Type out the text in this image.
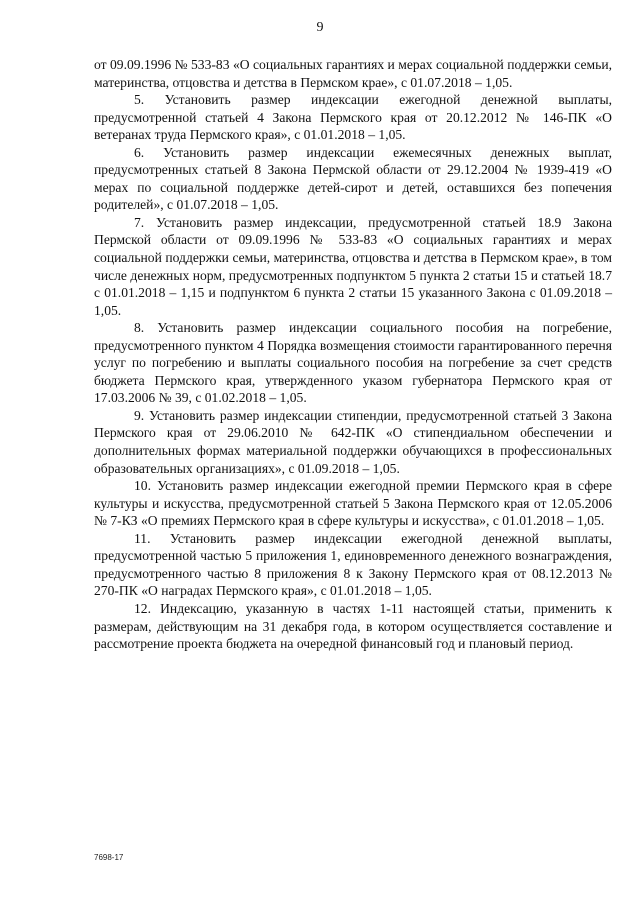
9

от 09.09.1996 № 533-83 «О социальных гарантиях и мерах социальной поддержки семьи, материнства, отцовства и детства в Пермском крае», с 01.07.2018 – 1,05.

5. Установить размер индексации ежегодной денежной выплаты, предусмотренной статьей 4 Закона Пермского края от 20.12.2012 № 146-ПК «О ветеранах труда Пермского края», с 01.01.2018 – 1,05.

6. Установить размер индексации ежемесячных денежных выплат, предусмотренных статьей 8 Закона Пермской области от 29.12.2004 № 1939-419 «О мерах по социальной поддержке детей-сирот и детей, оставшихся без попечения родителей», с 01.07.2018 – 1,05.

7. Установить размер индексации, предусмотренной статьей 18.9 Закона Пермской области от 09.09.1996 № 533-83 «О социальных гарантиях и мерах социальной поддержки семьи, материнства, отцовства и детства в Пермском крае», в том числе денежных норм, предусмотренных подпунктом 5 пункта 2 статьи 15 и статьей 18.7 с 01.01.2018 – 1,15 и подпунктом 6 пункта 2 статьи 15 указанного Закона с 01.09.2018 – 1,05.

8. Установить размер индексации социального пособия на погребение, предусмотренного пунктом 4 Порядка возмещения стоимости гарантированного перечня услуг по погребению и выплаты социального пособия на погребение за счет средств бюджета Пермского края, утвержденного указом губернатора Пермского края от 17.03.2006 № 39, с 01.02.2018 – 1,05.

9. Установить размер индексации стипендии, предусмотренной статьей 3 Закона Пермского края от 29.06.2010 № 642-ПК «О стипендиальном обеспечении и дополнительных формах материальной поддержки обучающихся в профессиональных образовательных организациях», с 01.09.2018 – 1,05.

10. Установить размер индексации ежегодной премии Пермского края в сфере культуры и искусства, предусмотренной статьей 5 Закона Пермского края от 12.05.2006 № 7-КЗ «О премиях Пермского края в сфере культуры и искусства», с 01.01.2018 – 1,05.

11. Установить размер индексации ежегодной денежной выплаты, предусмотренной частью 5 приложения 1, единовременного денежного вознаграждения, предусмотренного частью 8 приложения 8 к Закону Пермского края от 08.12.2013 № 270-ПК «О наградах Пермского края», с 01.01.2018 – 1,05.

12. Индексацию, указанную в частях 1-11 настоящей статьи, применить к размерам, действующим на 31 декабря года, в котором осуществляется составление и рассмотрение проекта бюджета на очередной финансовый год и плановый период.

7698-17
